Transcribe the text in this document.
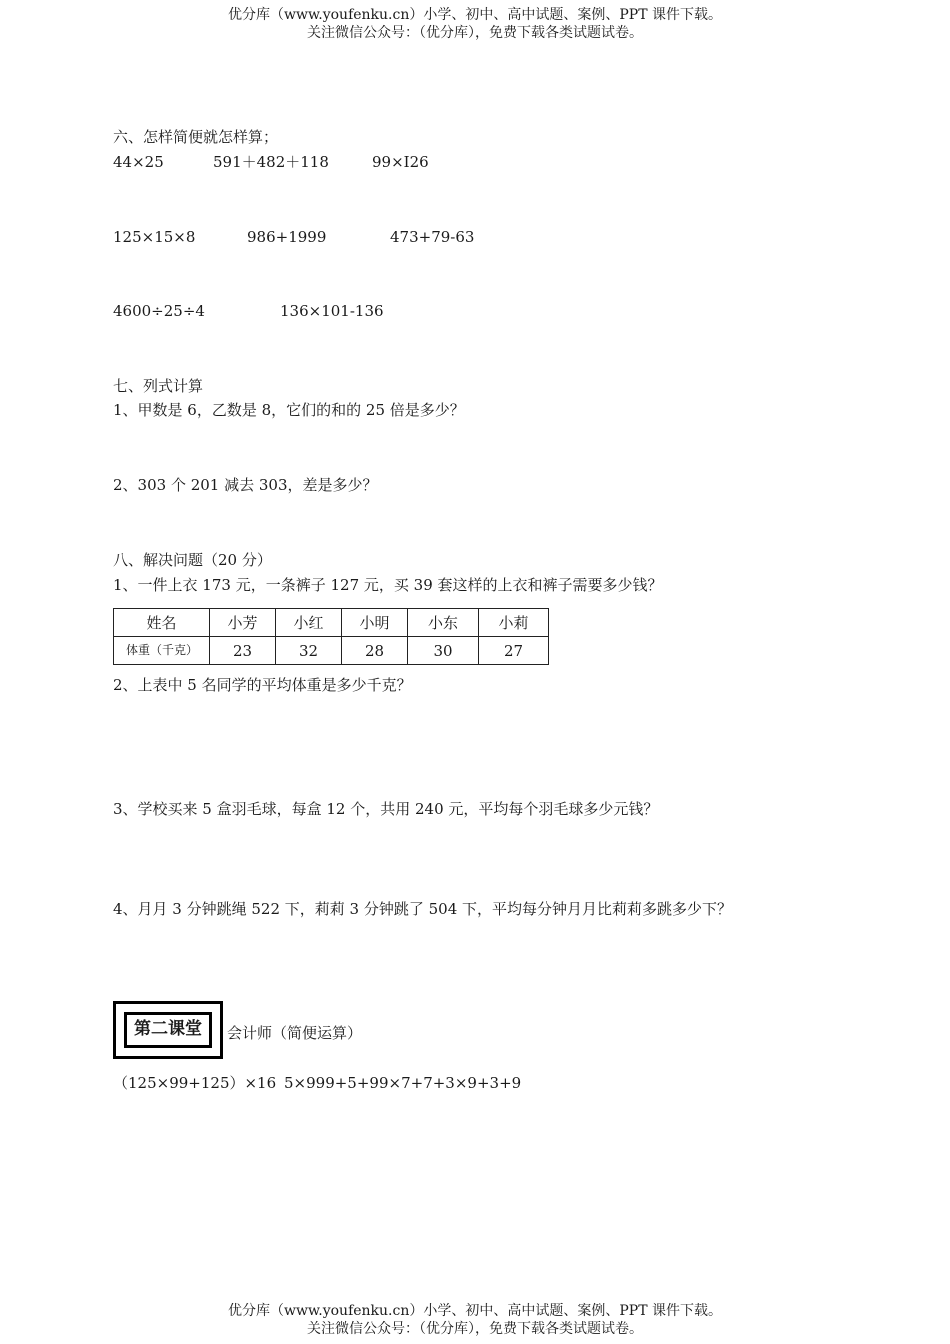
优分库（www.youfenku.cn）小学、初中、高中试题、案例、PPT 课件下载。
关注微信公众号：（优分库），免费下载各类试题试卷。
六、怎样简便就怎样算；
44×25	591＋482＋118	99×I26
125×15×8	986+1999	473+79-63
4600÷25÷4	136×101-136
七、列式计算
1、甲数是 6，乙数是 8，它们的和的 25 倍是多少？
2、303 个 201 减去 303，差是多少？
八、解决问题（20 分）
1、一件上衣 173 元，一条裤子 127 元，买 39 套这样的上衣和裤子需要多少钱？
姓名	小芳	小红	小明	小东	小莉
体重（千克）	23	32	28	30	27
2、上表中 5 名同学的平均体重是多少千克？
3、学校买来 5 盒羽毛球，每盒 12 个，共用 240 元，平均每个羽毛球多少元钱？
4、月月 3 分钟跳绳 522 下，莉莉 3 分钟跳了 504 下，平均每分钟月月比莉莉多跳多少下？
第二课堂	会计师（简便运算）
（125×99+125）×16 5×999+5+99×7+7+3×9+3+9
优分库（www.youfenku.cn）小学、初中、高中试题、案例、PPT 课件下载。
关注微信公众号：（优分库），免费下载各类试题试卷。
